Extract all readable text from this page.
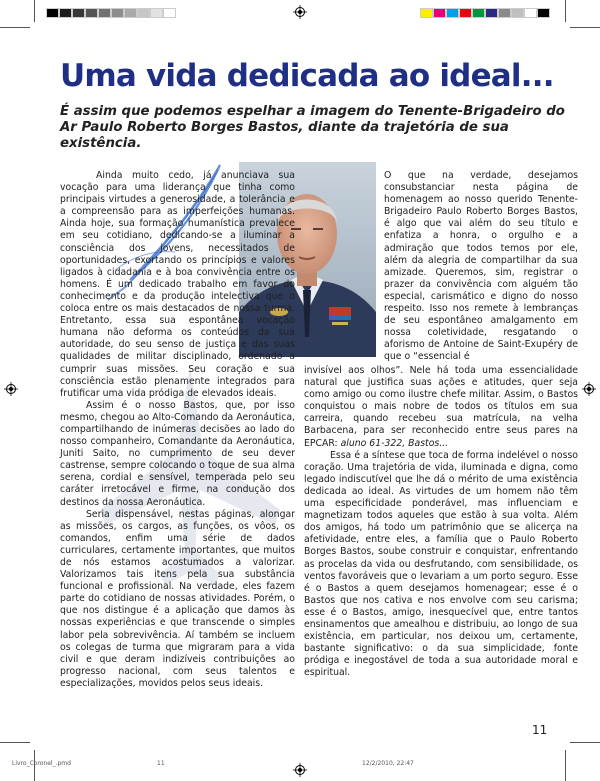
Uma vida dedicada ao ideal...

É assim que podemos espelhar a imagem do Tenente-Brigadeiro do Ar Paulo Roberto Borges Bastos, diante da trajetória de sua existência.

Ainda muito cedo, já anunciava sua vocação para uma liderança que tinha como principais virtudes a generosidade, a tolerância e a compreensão para as imperfeições humanas. Ainda hoje, sua formação humanística prevalece em seu cotidiano, dedicando-se a iluminar a consciência dos jovens, necessitados de oportunidades, exortando os princípios e valores ligados à cidadania e à boa convivência entre os homens. É um dedicado trabalho em favor do conhecimento e da produção intelectiva que o coloca entre os mais destacados de nossa turma. Entretanto, essa sua espontânea vocação humana não deforma os conteúdos da sua autoridade, do seu senso de justiça e das suas qualidades de militar disciplinado, ordenado a cumprir suas missões. Seu coração e sua consciência estão plenamente integrados para frutificar uma vida pródiga de elevados ideais.

Assim é o nosso Bastos, que, por isso mesmo, chegou ao Alto-Comando da Aeronáutica, compartilhando de inúmeras decisões ao lado do nosso companheiro, Comandante da Aeronáutica, Juniti Saito, no cumprimento de seu dever castrense, sempre colocando o toque de sua alma serena, cordial e sensível, temperada pelo seu caráter irretocável e firme, na condução dos destinos da nossa Aeronáutica.

Seria dispensável, nestas páginas, alongar as missões, os cargos, as funções, os vôos, os comandos, enfim uma série de dados curriculares, certamente importantes, que muitos de nós estamos acostumados a valorizar. Valorizamos tais itens pela sua substância funcional e profissional. Na verdade, eles fazem parte do cotidiano de nossas atividades. Porém, o que nos distingue é a aplicação que damos às nossas experiências e que transcende o simples labor pela sobrevivência. Aí também se incluem os colegas de turma que migraram para a vida civil e que deram indizíveis contribuições ao progresso nacional, com seus talentos e especializações, movidos pelos seus ideais.

O que na verdade, desejamos consubstanciar nesta página de homenagem ao nosso querido Tenente-Brigadeiro Paulo Roberto Borges Bastos, é algo que vai além do seu título e enfatiza a honra, o orgulho e a admiração que todos temos por ele, além da alegria de compartilhar da sua amizade. Queremos, sim, registrar o prazer da convivência com alguém tão especial, carismático e digno do nosso respeito. Isso nos remete à lembranças de seu espontâneo amalgamento em nossa coletividade, resgatando o aforismo de Antoine de Saint-Exupéry de que o “essencial é

invisível aos olhos”. Nele há toda uma essencialidade natural que justifica suas ações e atitudes, quer seja como amigo ou como ilustre chefe militar. Assim, o Bastos conquistou o mais nobre de todos os títulos em sua carreira, quando recebeu sua matrícula, na velha Barbacena, para ser reconhecido entre seus pares na EPCAR: aluno 61-322, Bastos...

Essa é a síntese que toca de forma indelével o nosso coração. Uma trajetória de vida, iluminada e digna, como legado indiscutível que lhe dá o mérito de uma existência dedicada ao ideal. As virtudes de um homem não têm uma especificidade ponderável, mas influenciam e magnetizam todos aqueles que estão à sua volta. Além dos amigos, há todo um patrimônio que se alicerça na afetividade, entre eles, a família que o Paulo Roberto Borges Bastos, soube construir e conquistar, enfrentando as procelas da vida ou desfrutando, com sensibilidade, os ventos favoráveis que o levariam a um porto seguro. Esse é o Bastos a quem desejamos homenagear; esse é o Bastos que nos cativa e nos envolve com seu carisma; esse é o Bastos, amigo, inesquecível que, entre tantos ensinamentos que amealhou e distribuiu, ao longo de sua existência, em particular, nos deixou um, certamente, bastante significativo: o da sua simplicidade, fonte pródiga e inegostável de toda a sua autoridade moral e espiritual.

11
Livro_Coronel_.pmd	11	12/2/2010, 22:47
